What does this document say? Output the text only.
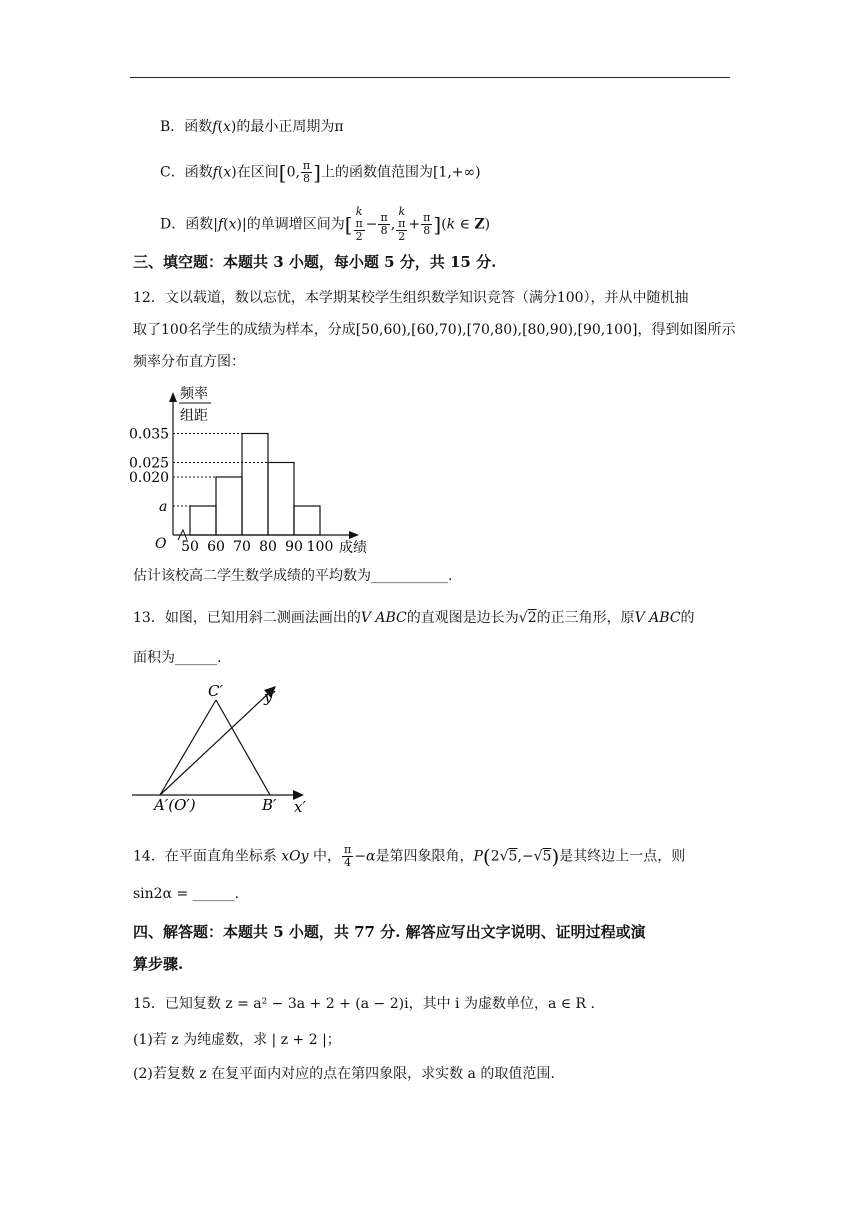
B．函数f(x)的最小正周期为π
C．函数f(x)在区间[0, $\frac{\pi}{8}$ ]上的函数值范围为[1,+∞)
D．函数|f(x)|的单调增区间为[ k
π
$2 - \frac{\pi}{8}$ , k
π
$2 + \frac{\pi}{8} ](k$ ∈ Z)
三、填空题：本题共 3 小题，每小题 5 分，共 15 分.
12．文以载道，数以忘忧，本学期某校学生组织数学知识竞答（满分100），并从中随机抽
取了100名学生的成绩为样本，分成[50,60),[60,70),[70,80),[80,90),[90,100]，得到如图所示
频率分布直方图：
频率
组距
O	成绩
50 60 70 80 90 100
0.035
0.025
0.020
a
估计该校高二学生数学成绩的平均数为___________.
13．如图，已知用斜二测画法画出的V ABC的直观图是边长为√2的正三角形，原V ABC的
面积为______.
C′	y′
A′(O′)	B′ x′
14．在平面直角坐标系 xOy 中， $\frac{\pi}{4} -\alpha$是第四象限角，P(2√5,−√5)是其终边上一点，则
sin2α = ______.
四、解答题：本题共 5 小题，共 77 分. 解答应写出文字说明、证明过程或演
算步骤.
15．已知复数 z = a² − 3a + 2 + (a − 2)i，其中 i 为虚数单位，a ∈ R .
(1)若 z 为纯虚数，求 | z + 2 |；
(2)若复数 z 在复平面内对应的点在第四象限，求实数 a 的取值范围.
